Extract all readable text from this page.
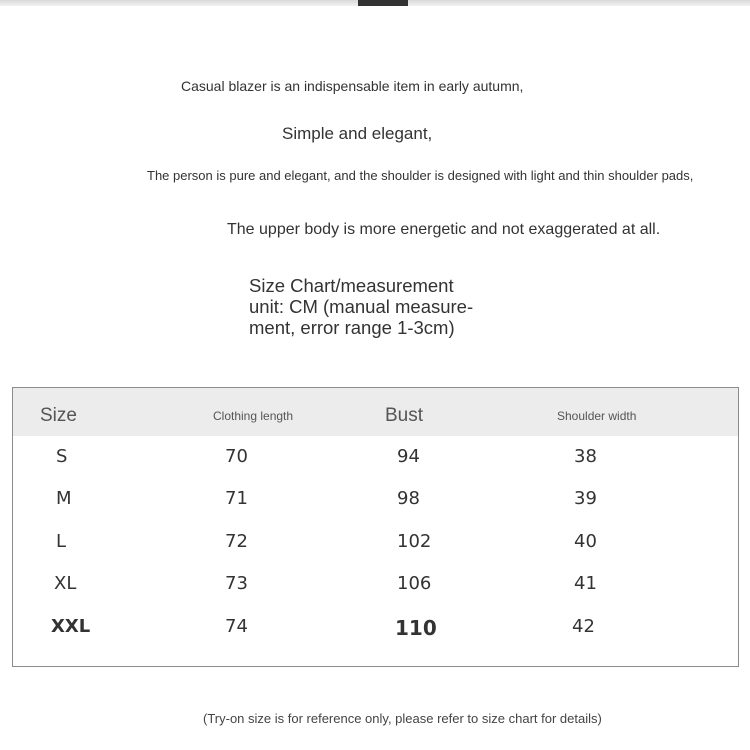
Casual blazer is an indispensable item in early autumn,
Simple and elegant,
The person is pure and elegant, and the shoulder is designed with light and thin shoulder pads,
The upper body is more energetic and not exaggerated at all.
Size Chart/measurement
unit: CM (manual measure-
ment, error range 1-3cm)
Size	Clothing length	Bust	Shoulder width
S	70	94	38
M	71	98	39
L	72	102	40
XL	73	106	41
XXL	74	110	42
(Try-on size is for reference only, please refer to size chart for details)
